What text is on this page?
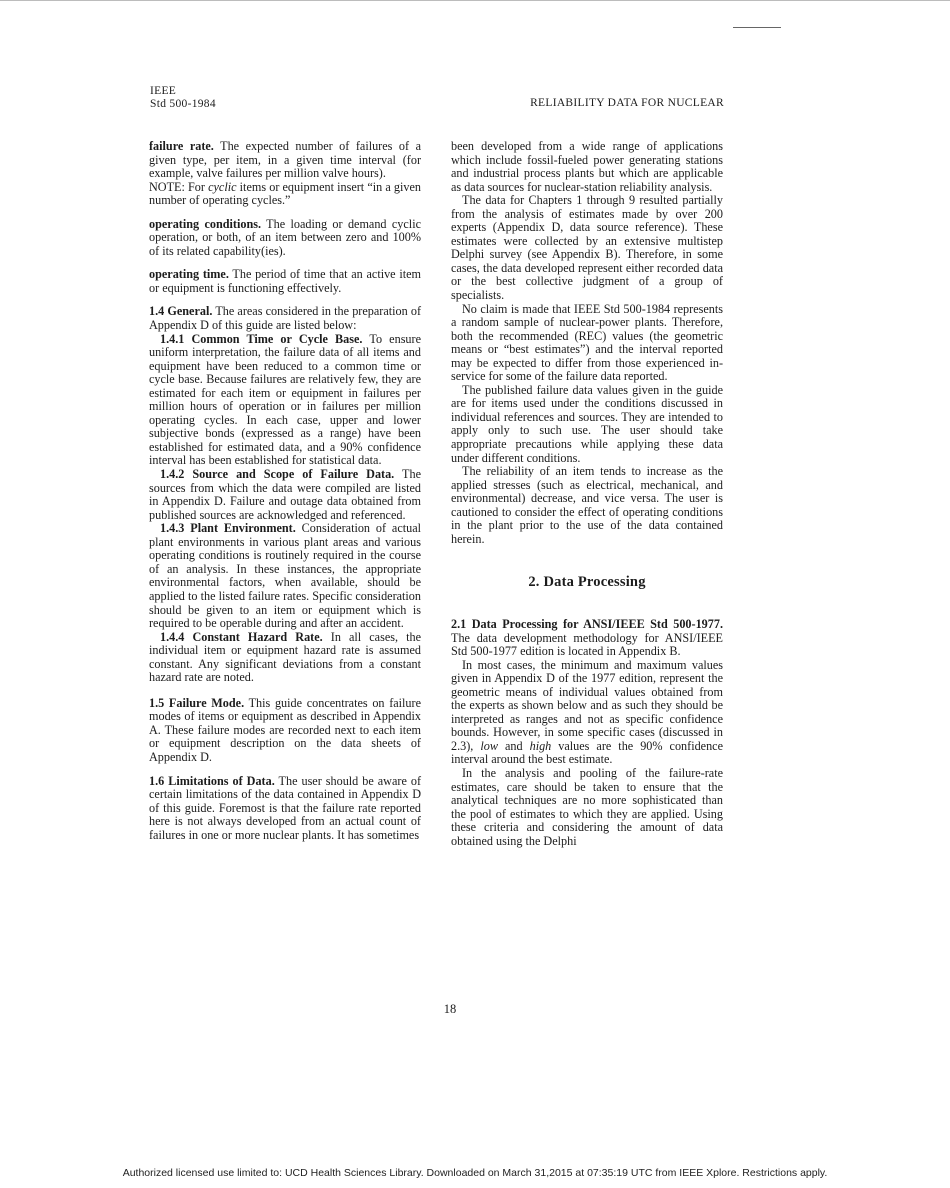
IEEE
Std 500-1984	RELIABILITY DATA FOR NUCLEAR

failure rate. The expected number of failures of a given type, per item, in a given time interval (for example, valve failures per million valve hours).

NOTE: For cyclic items or equipment insert “in a given number of operating cycles.”

operating conditions. The loading or demand cyclic operation, or both, of an item between zero and 100% of its related capability(ies).

operating time. The period of time that an active item or equipment is functioning effectively.

1.4 General. The areas considered in the preparation of Appendix D of this guide are listed below:

1.4.1 Common Time or Cycle Base. To ensure uniform interpretation, the failure data of all items and equipment have been reduced to a common time or cycle base. Because failures are relatively few, they are estimated for each item or equipment in failures per million hours of operation or in failures per million operating cycles. In each case, upper and lower subjective bonds (expressed as a range) have been established for estimated data, and a 90% confidence interval has been established for statistical data.

1.4.2 Source and Scope of Failure Data. The sources from which the data were compiled are listed in Appendix D. Failure and outage data obtained from published sources are acknowledged and referenced.

1.4.3 Plant Environment. Consideration of actual plant environments in various plant areas and various operating conditions is routinely required in the course of an analysis. In these instances, the appropriate environmental factors, when available, should be applied to the listed failure rates. Specific consideration should be given to an item or equipment which is required to be operable during and after an accident.

1.4.4 Constant Hazard Rate. In all cases, the individual item or equipment hazard rate is assumed constant. Any significant deviations from a constant hazard rate are noted.

1.5 Failure Mode. This guide concentrates on failure modes of items or equipment as described in Appendix A. These failure modes are recorded next to each item or equipment description on the data sheets of Appendix D.

1.6 Limitations of Data. The user should be aware of certain limitations of the data contained in Appendix D of this guide. Foremost is that the failure rate reported here is not always developed from an actual count of failures in one or more nuclear plants. It has sometimes

been developed from a wide range of applications which include fossil-fueled power generating stations and industrial process plants but which are applicable as data sources for nuclear-station reliability analysis.

The data for Chapters 1 through 9 resulted partially from the analysis of estimates made by over 200 experts (Appendix D, data source reference). These estimates were collected by an extensive multistep Delphi survey (see Appendix B). Therefore, in some cases, the data developed represent either recorded data or the best collective judgment of a group of specialists.

No claim is made that IEEE Std 500-1984 represents a random sample of nuclear-power plants. Therefore, both the recommended (REC) values (the geometric means or “best estimates”) and the interval reported may be expected to differ from those experienced in-service for some of the failure data reported.

The published failure data values given in the guide are for items used under the conditions discussed in individual references and sources. They are intended to apply only to such use. The user should take appropriate precautions while applying these data under different conditions.

The reliability of an item tends to increase as the applied stresses (such as electrical, mechanical, and environmental) decrease, and vice versa. The user is cautioned to consider the effect of operating conditions in the plant prior to the use of the data contained herein.

2. Data Processing

2.1 Data Processing for ANSI/IEEE Std 500-1977. The data development methodology for ANSI/IEEE Std 500-1977 edition is located in Appendix B.

In most cases, the minimum and maximum values given in Appendix D of the 1977 edition, represent the geometric means of individual values obtained from the experts as shown below and as such they should be interpreted as ranges and not as specific confidence bounds. However, in some specific cases (discussed in 2.3), low and high values are the 90% confidence interval around the best estimate.

In the analysis and pooling of the failure-rate estimates, care should be taken to ensure that the analytical techniques are no more sophisticated than the pool of estimates to which they are applied. Using these criteria and considering the amount of data obtained using the Delphi

18
Authorized licensed use limited to: UCD Health Sciences Library. Downloaded on March 31,2015 at 07:35:19 UTC from IEEE Xplore. Restrictions apply.
